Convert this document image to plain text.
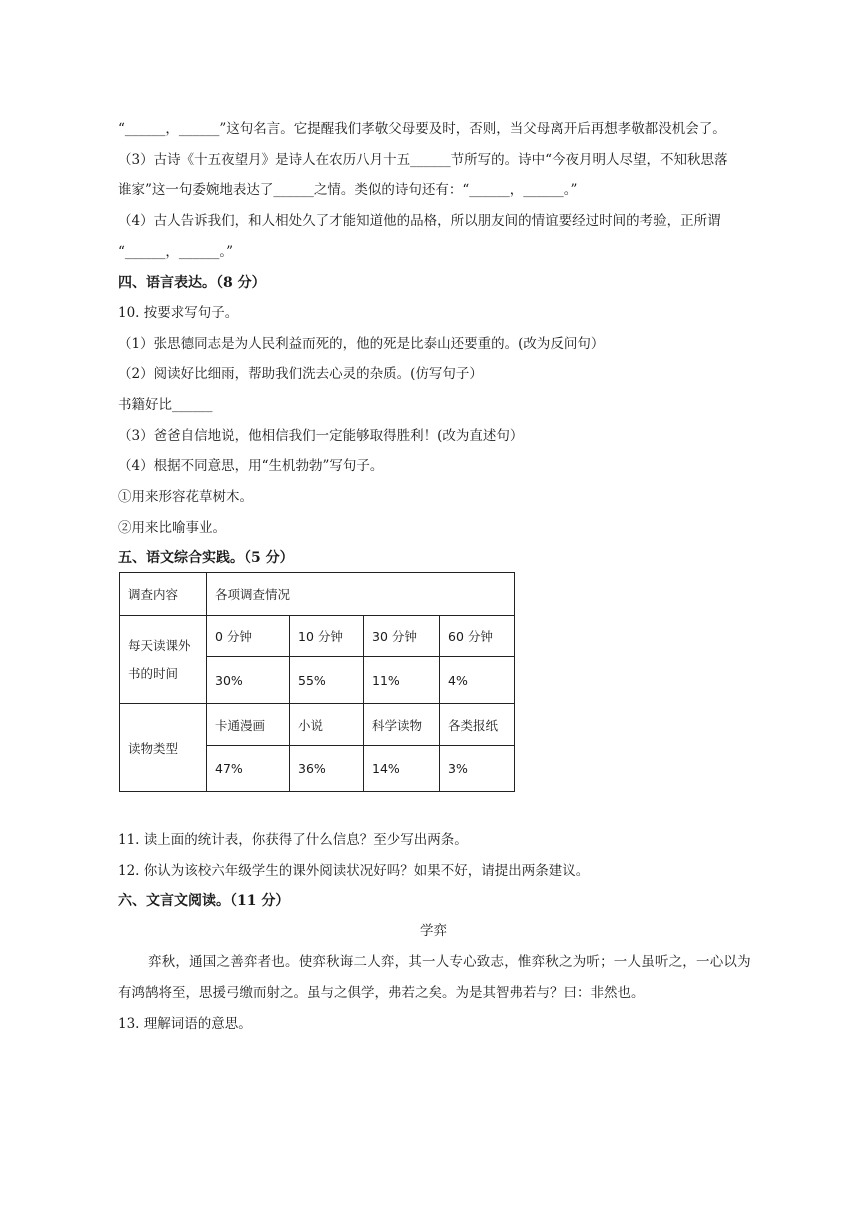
“______，______”这句名言。它提醒我们孝敬父母要及时，否则，当父母离开后再想孝敬都没机会了。
（3）古诗《十五夜望月》是诗人在农历八月十五______节所写的。诗中“今夜月明人尽望，不知秋思落
谁家”这一句委婉地表达了______之情。类似的诗句还有：“______，______。”
（4）古人告诉我们，和人相处久了才能知道他的品格，所以朋友间的情谊要经过时间的考验，正所谓
“______，______。”
四、语言表达。（8 分）
10. 按要求写句子。
（1）张思德同志是为人民利益而死的，他的死是比泰山还要重的。(改为反问句）
（2）阅读好比细雨，帮助我们洗去心灵的杂质。(仿写句子）
书籍好比______
（3）爸爸自信地说，他相信我们一定能够取得胜利！(改为直述句）
（4）根据不同意思，用“生机勃勃”写句子。
①用来形容花草树木。
②用来比喻事业。
五、语文综合实践。（5 分）
调查内容	各项调查情况			
每天读课外书的时间	0 分钟	10 分钟	30 分钟	60 分钟
	30%	55%	11%	4%
读物类型	卡通漫画	小说	科学读物	各类报纸
	47%	36%	14%	3%
11. 读上面的统计表，你获得了什么信息？至少写出两条。
12. 你认为该校六年级学生的课外阅读状况好吗？如果不好，请提出两条建议。
六、文言文阅读。（11 分）
学弈
弈秋，通国之善弈者也。使弈秋诲二人弈，其一人专心致志，惟弈秋之为听；一人虽听之，一心以为
有鸿鹄将至，思援弓缴而射之。虽与之俱学，弗若之矣。为是其智弗若与？曰：非然也。
13. 理解词语的意思。
